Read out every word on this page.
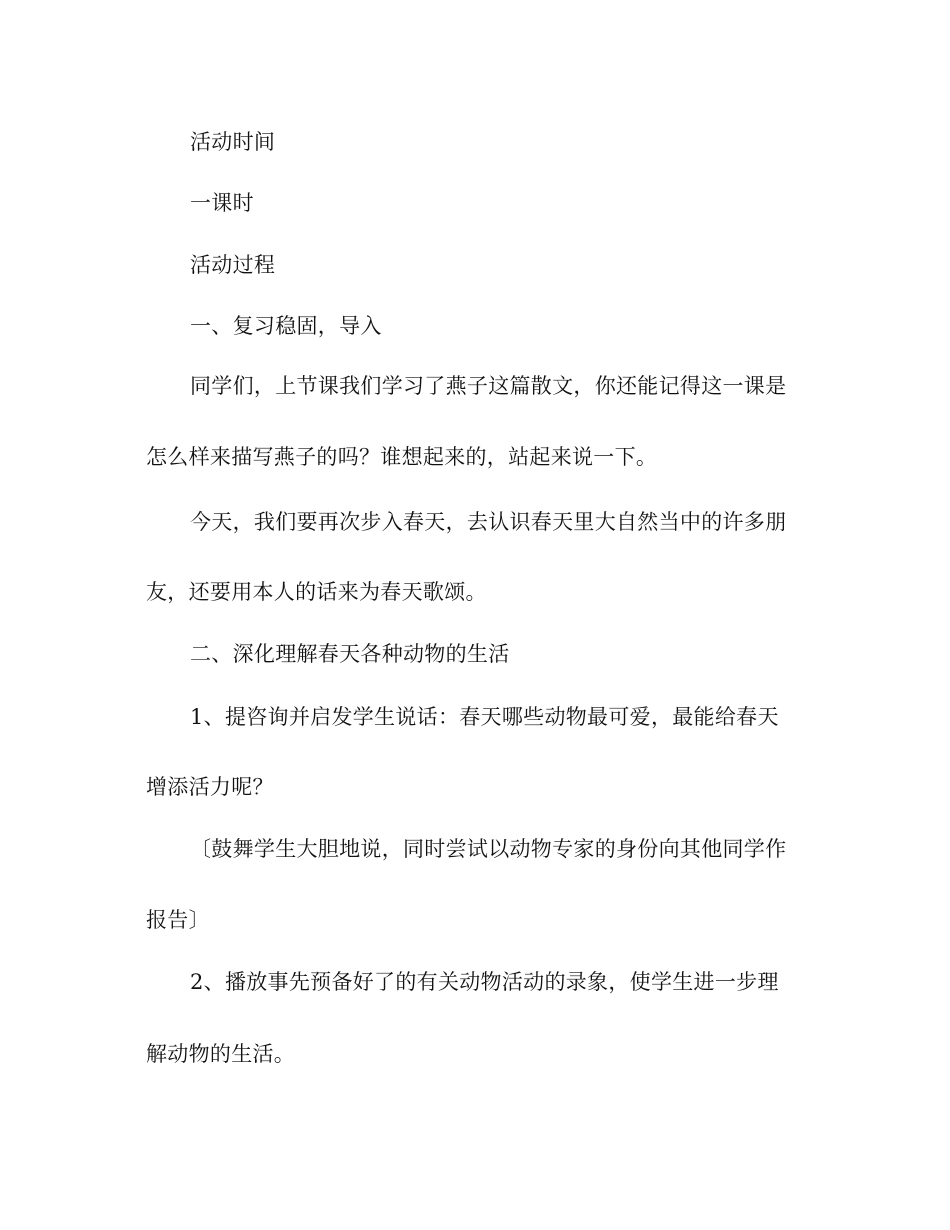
活动时间
一课时
活动过程
一、复习稳固，导入
同学们，上节课我们学习了燕子这篇散文，你还能记得这一课是
怎么样来描写燕子的吗？谁想起来的，站起来说一下。
今天，我们要再次步入春天，去认识春天里大自然当中的许多朋
友，还要用本人的话来为春天歌颂。
二、深化理解春天各种动物的生活
1、提咨询并启发学生说话：春天哪些动物最可爱，最能给春天
增添活力呢？
〔鼓舞学生大胆地说，同时尝试以动物专家的身份向其他同学作
报告〕
2、播放事先预备好了的有关动物活动的录象，使学生进一步理
解动物的生活。
